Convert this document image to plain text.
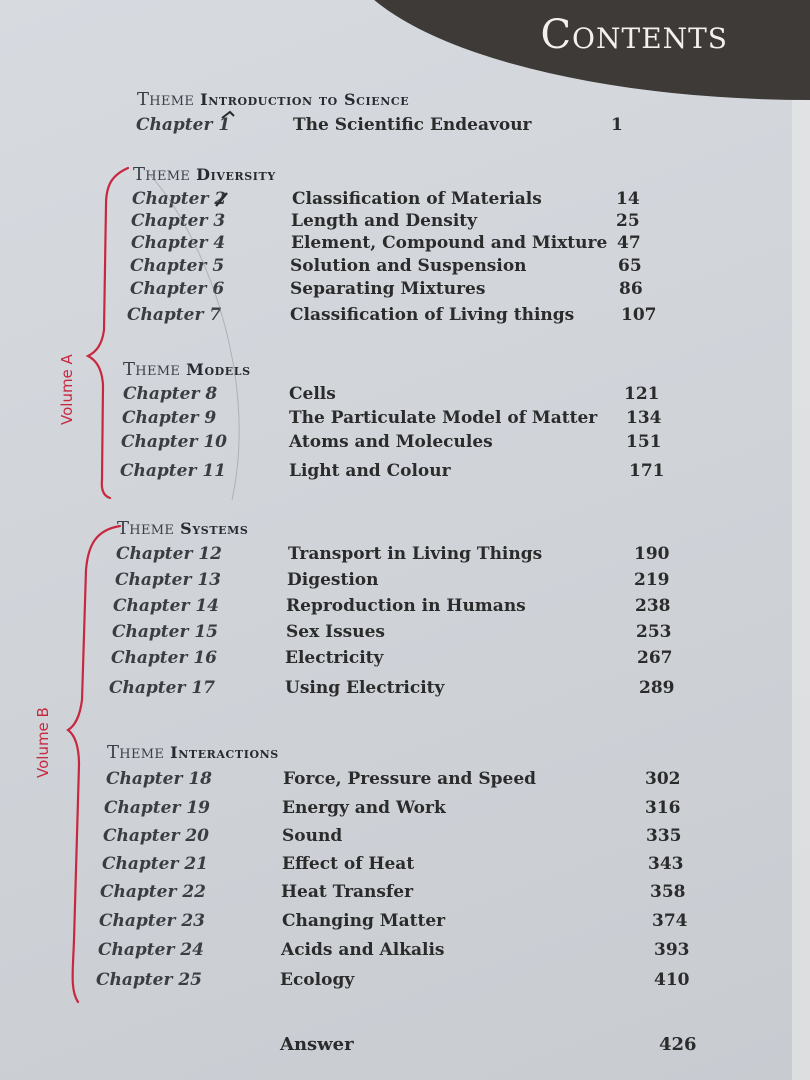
Contents
Theme Introduction to Science
Theme Diversity
Theme Models
Theme Systems
Theme Interactions
Chapter 1	The Scientific Endeavour	1
Chapter 2	Classification of Materials	14
Chapter 3	Length and Density	25
Chapter 4	Element, Compound and Mixture 47
Chapter 5	Solution and Suspension	65
Chapter 6	Separating Mixtures	86
Chapter 7	Classification of Living things	107
Chapter 8	Cells	121
Chapter 9	The Particulate Model of Matter 134
Chapter 10	Atoms and Molecules	151
Chapter 11	Light and Colour	171
Chapter 12	Transport in Living Things	190
Chapter 13	Digestion	219
Chapter 14	Reproduction in Humans	238
Chapter 15	Sex Issues	253
Chapter 16	Electricity	267
Chapter 17	Using Electricity	289
Chapter 18	Force, Pressure and Speed	302
Chapter 19	Energy and Work	316
Chapter 20	Sound	335
Chapter 21	Effect of Heat	343
Chapter 22	Heat Transfer	358
Chapter 23	Changing Matter	374
Chapter 24	Acids and Alkalis	393
Chapter 25	Ecology	410
Answer	426
Volume A
Volume B
